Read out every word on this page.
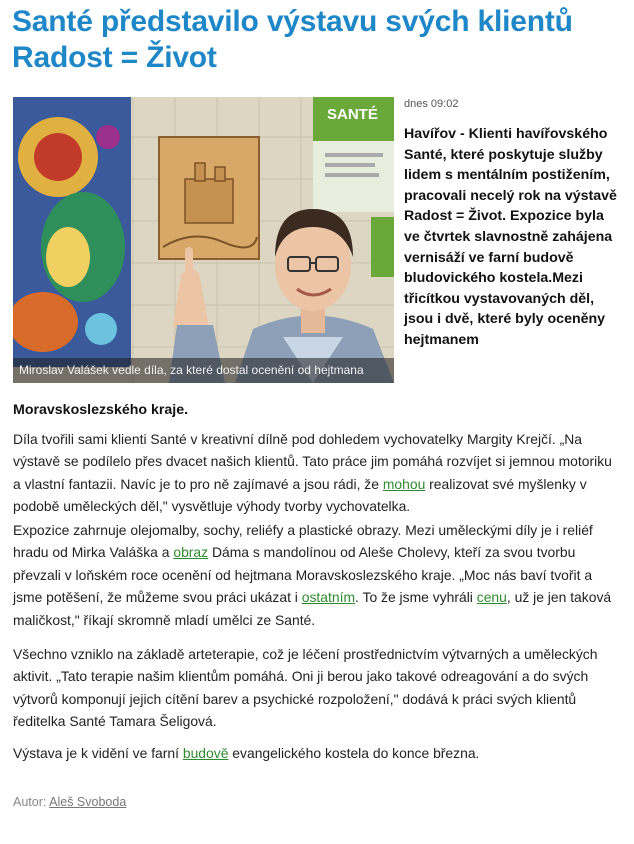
Santé představilo výstavu svých klientů Radost = Život
SANTÉ
Miroslav Valášek vedle díla, za které dostal ocenění od hejtmana
dnes 09:02

Havířov - Klienti havířovského Santé, které poskytuje služby lidem s mentálním postižením, pracovali necelý rok na výstavě Radost = Život. Expozice byla ve čtvrtek slavnostně zahájena vernisáží ve farní budově bludovického kostela.Mezi třicítkou vystavovaných děl, jsou i dvě, které byly oceněny hejtmanem

Moravskoslezského kraje.

Díla tvořili sami klienti Santé v kreativní dílně pod dohledem vychovatelky Margity Krejčí. „Na výstavě se podílelo přes dvacet našich klientů. Tato práce jim pomáhá rozvíjet si jemnou motoriku a vlastní fantazii. Navíc je to pro ně zajímavé a jsou rádi, že mohou realizovat své myšlenky v podobě uměleckých děl," vysvětluje výhody tvorby vychovatelka.

Expozice zahrnuje olejomalby, sochy, reliéfy a plastické obrazy. Mezi uměleckými díly je i reliéf hradu od Mirka Valáška a obraz Dáma s mandolínou od Aleše Cholevy, kteří za svou tvorbu převzali v loňském roce ocenění od hejtmana Moravskoslezského kraje. „Moc nás baví tvořit a jsme potěšení, že můžeme svou práci ukázat i ostatním. To že jsme vyhráli cenu, už je jen taková maličkost," říkají skromně mladí umělci ze Santé.

Všechno vzniklo na základě arteterapie, což je léčení prostřednictvím výtvarných a uměleckých aktivit. „Tato terapie našim klientům pomáhá. Oni ji berou jako takové odreagování a do svých výtvorů komponují jejich cítění barev a psychické rozpoložení," dodává k práci svých klientů ředitelka Santé Tamara Šeligová.

Výstava je k vidění ve farní budově evangelického kostela do konce března.

Autor: Aleš Svoboda
